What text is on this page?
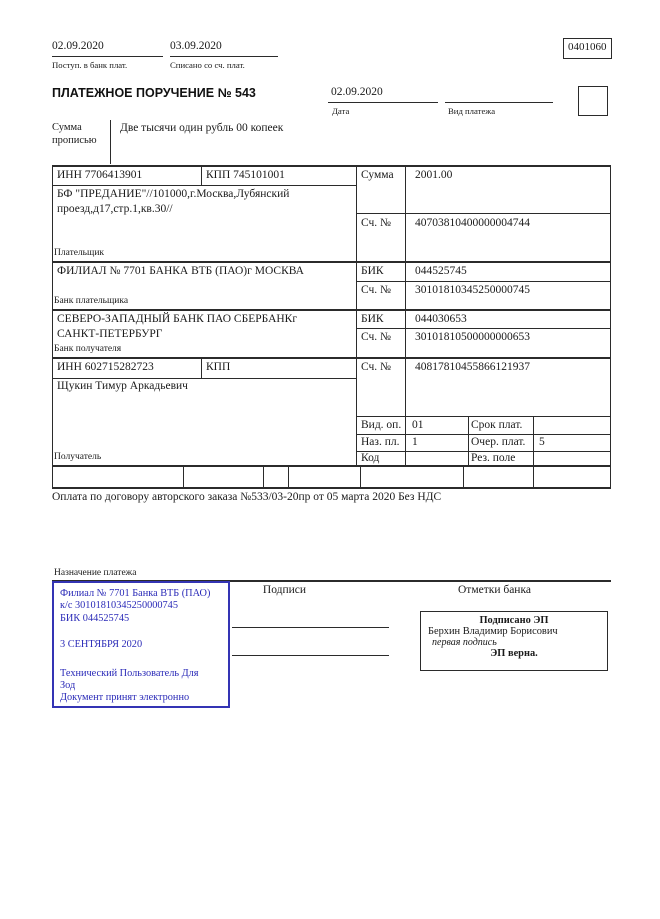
02.09.2020
Поступ. в банк плат.
03.09.2020
Списано со сч. плат.
0401060
ПЛАТЕЖНОЕ ПОРУЧЕНИЕ № 543	02.09.2020
Дата	Вид платежа
Сумма прописью
Две тысячи один рубль 00 копеек
ИНН 7706413901	КПП 745101001	Сумма 2001.00
БФ "ПРЕДАНИЕ"//101000,г.Москва,Лубянский
проезд,д17,стр.1,кв.30//
Сч. № 40703810400000004744
Плательщик
ФИЛИАЛ № 7701 БАНКА ВТБ (ПАО)г МОСКВА	БИК	044525745
Сч. № 30101810345250000745
Банк плательщика
СЕВЕРО-ЗАПАДНЫЙ БАНК ПАО СБЕРБАНКг
САНКТ-ПЕТЕРБУРГ
БИК	044030653
Сч. № 30101810500000000653
Банк получателя
ИНН 602715282723	КПП	Сч. № 40817810455866121937
Щукин Тимур Аркадьевич
Вид. оп. 01	Срок плат.
Наз. пл. 1	Очер. плат. 5
Код	Рез. поле
Получатель
Оплата по договору авторского заказа №533/03-20пр от 05 марта 2020 Без НДС
Назначение платежа
Подписи	Отметки банка
Филиал № 7701 Банка ВТБ (ПАО)
к/с 30101810345250000745
БИК 044525745
3 СЕНТЯБРЯ 2020
Технический Пользователь Для
Зод
Документ принят электронно
Подписано ЭП
Берхин Владимир Борисович
первая подпись
ЭП верна.
